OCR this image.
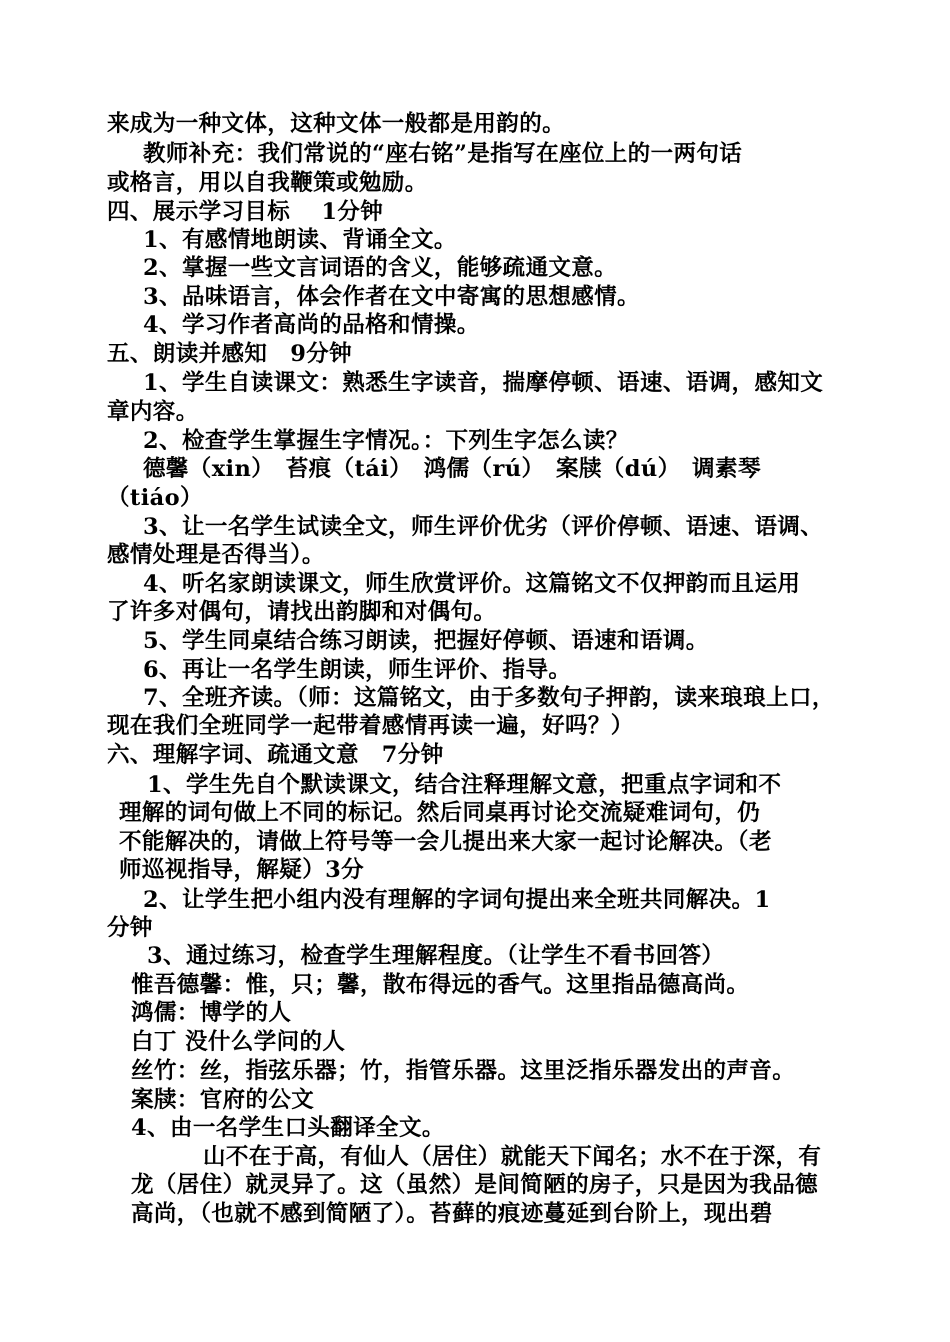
来成为一种文体，这种文体一般都是用韵的。
教师补充：我们常说的“座右铭”是指写在座位上的一两句话
或格言，用以自我鞭策或勉励。
四、展示学习目标　 1分钟
1、有感情地朗读、背诵全文。
2、掌握一些文言词语的含义，能够疏通文意。
3、品味语言，体会作者在文中寄寓的思想感情。
4、学习作者高尚的品格和情操。
五、朗读并感知　9分钟
1、学生自读课文：熟悉生字读音，揣摩停顿、语速、语调，感知文
章内容。
2、检查学生掌握生字情况。：下列生字怎么读？
德馨（xin）　苔痕（tái）　鸿儒（rú）　案牍（dú）　调素琴
（tiáo）
3、让一名学生试读全文，师生评价优劣（评价停顿、语速、语调、
感情处理是否得当）。
4、听名家朗读课文，师生欣赏评价。这篇铭文不仅押韵而且运用
了许多对偶句，请找出韵脚和对偶句。
5、学生同桌结合练习朗读，把握好停顿、语速和语调。
6、再让一名学生朗读，师生评价、指导。
7、全班齐读。（师：这篇铭文，由于多数句子押韵，读来琅琅上口，
现在我们全班同学一起带着感情再读一遍，好吗？）
六、理解字词、疏通文意　7分钟
1、学生先自个默读课文，结合注释理解文意，把重点字词和不
理解的词句做上不同的标记。然后同桌再讨论交流疑难词句，仍
不能解决的，请做上符号等一会儿提出来大家一起讨论解决。（老
师巡视指导，解疑）3分
2、让学生把小组内没有理解的字词句提出来全班共同解决。1
分钟
3、通过练习，检查学生理解程度。（让学生不看书回答）
惟吾德馨：惟，只；馨，散布得远的香气。这里指品德高尚。
鸿儒：博学的人
白丁 没什么学问的人
丝竹：丝，指弦乐器；竹，指管乐器。这里泛指乐器发出的声音。
案牍：官府的公文
4、由一名学生口头翻译全文。
山不在于高，有仙人（居住）就能天下闻名；水不在于深，有
龙（居住）就灵异了。这（虽然）是间简陋的房子，只是因为我品德
高尚，（也就不感到简陋了）。苔藓的痕迹蔓延到台阶上，现出碧
